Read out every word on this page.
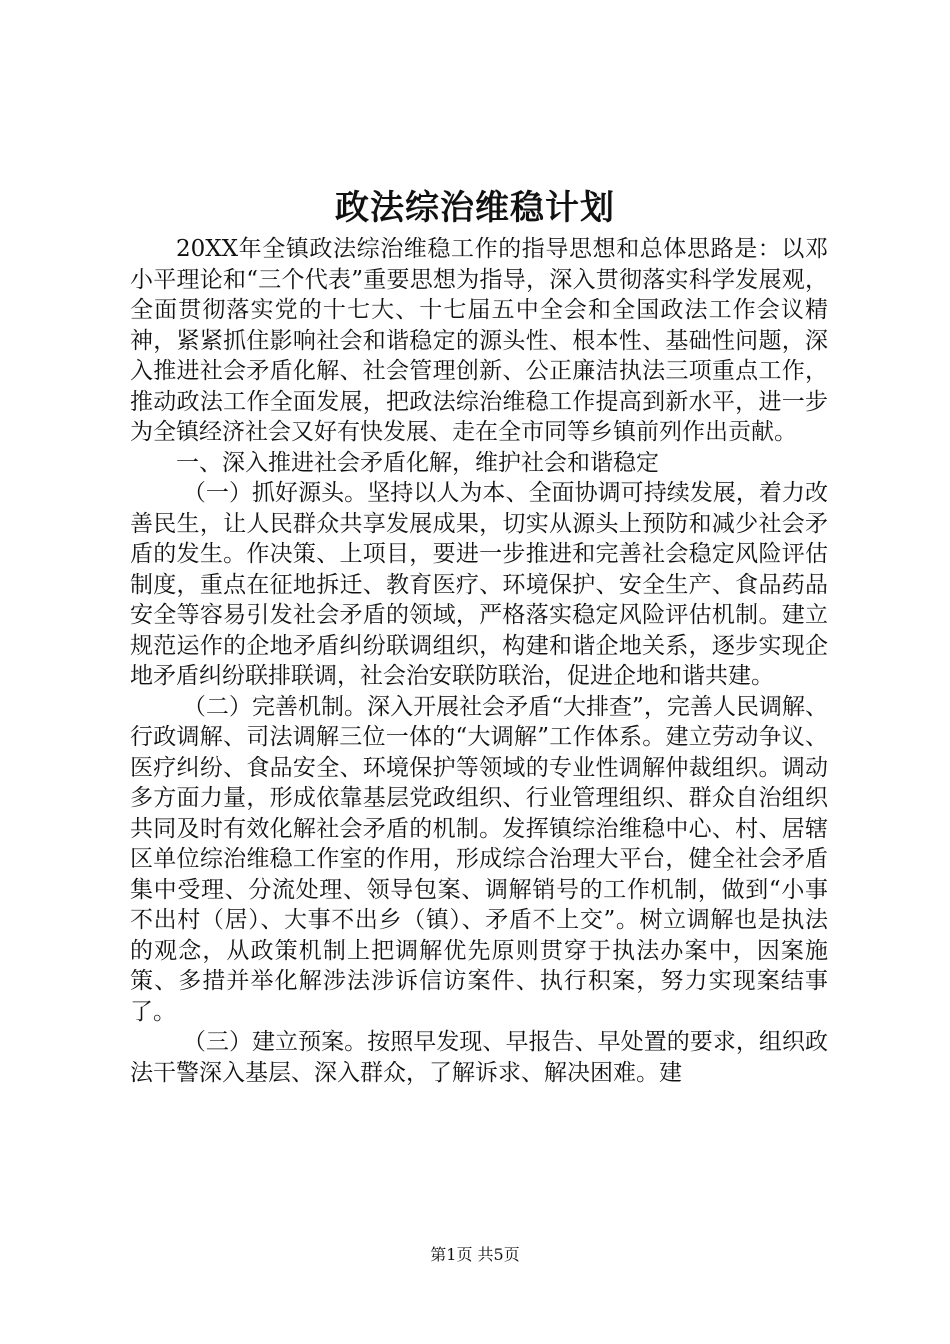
政法综治维稳计划

20XX年全镇政法综治维稳工作的指导思想和总体思路是：以邓小平理论和“三个代表”重要思想为指导，深入贯彻落实科学发展观，全面贯彻落实党的十七大、十七届五中全会和全国政法工作会议精神，紧紧抓住影响社会和谐稳定的源头性、根本性、基础性问题，深入推进社会矛盾化解、社会管理创新、公正廉洁执法三项重点工作，推动政法工作全面发展，把政法综治维稳工作提高到新水平，进一步为全镇经济社会又好有快发展、走在全市同等乡镇前列作出贡献。

一、深入推进社会矛盾化解，维护社会和谐稳定

（一）抓好源头。坚持以人为本、全面协调可持续发展，着力改善民生，让人民群众共享发展成果，切实从源头上预防和减少社会矛盾的发生。作决策、上项目，要进一步推进和完善社会稳定风险评估制度，重点在征地拆迁、教育医疗、环境保护、安全生产、食品药品安全等容易引发社会矛盾的领域，严格落实稳定风险评估机制。建立规范运作的企地矛盾纠纷联调组织，构建和谐企地关系，逐步实现企地矛盾纠纷联排联调，社会治安联防联治，促进企地和谐共建。

（二）完善机制。深入开展社会矛盾“大排查”，完善人民调解、行政调解、司法调解三位一体的“大调解”工作体系。建立劳动争议、医疗纠纷、食品安全、环境保护等领域的专业性调解仲裁组织。调动多方面力量，形成依靠基层党政组织、行业管理组织、群众自治组织共同及时有效化解社会矛盾的机制。发挥镇综治维稳中心、村、居辖区单位综治维稳工作室的作用，形成综合治理大平台，健全社会矛盾集中受理、分流处理、领导包案、调解销号的工作机制，做到“小事不出村（居）、大事不出乡（镇）、矛盾不上交”。树立调解也是执法的观念，从政策机制上把调解优先原则贯穿于执法办案中，因案施策、多措并举化解涉法涉诉信访案件、执行积案，努力实现案结事了。

（三）建立预案。按照早发现、早报告、早处置的要求，组织政法干警深入基层、深入群众，了解诉求、解决困难。建

第1页 共5页
